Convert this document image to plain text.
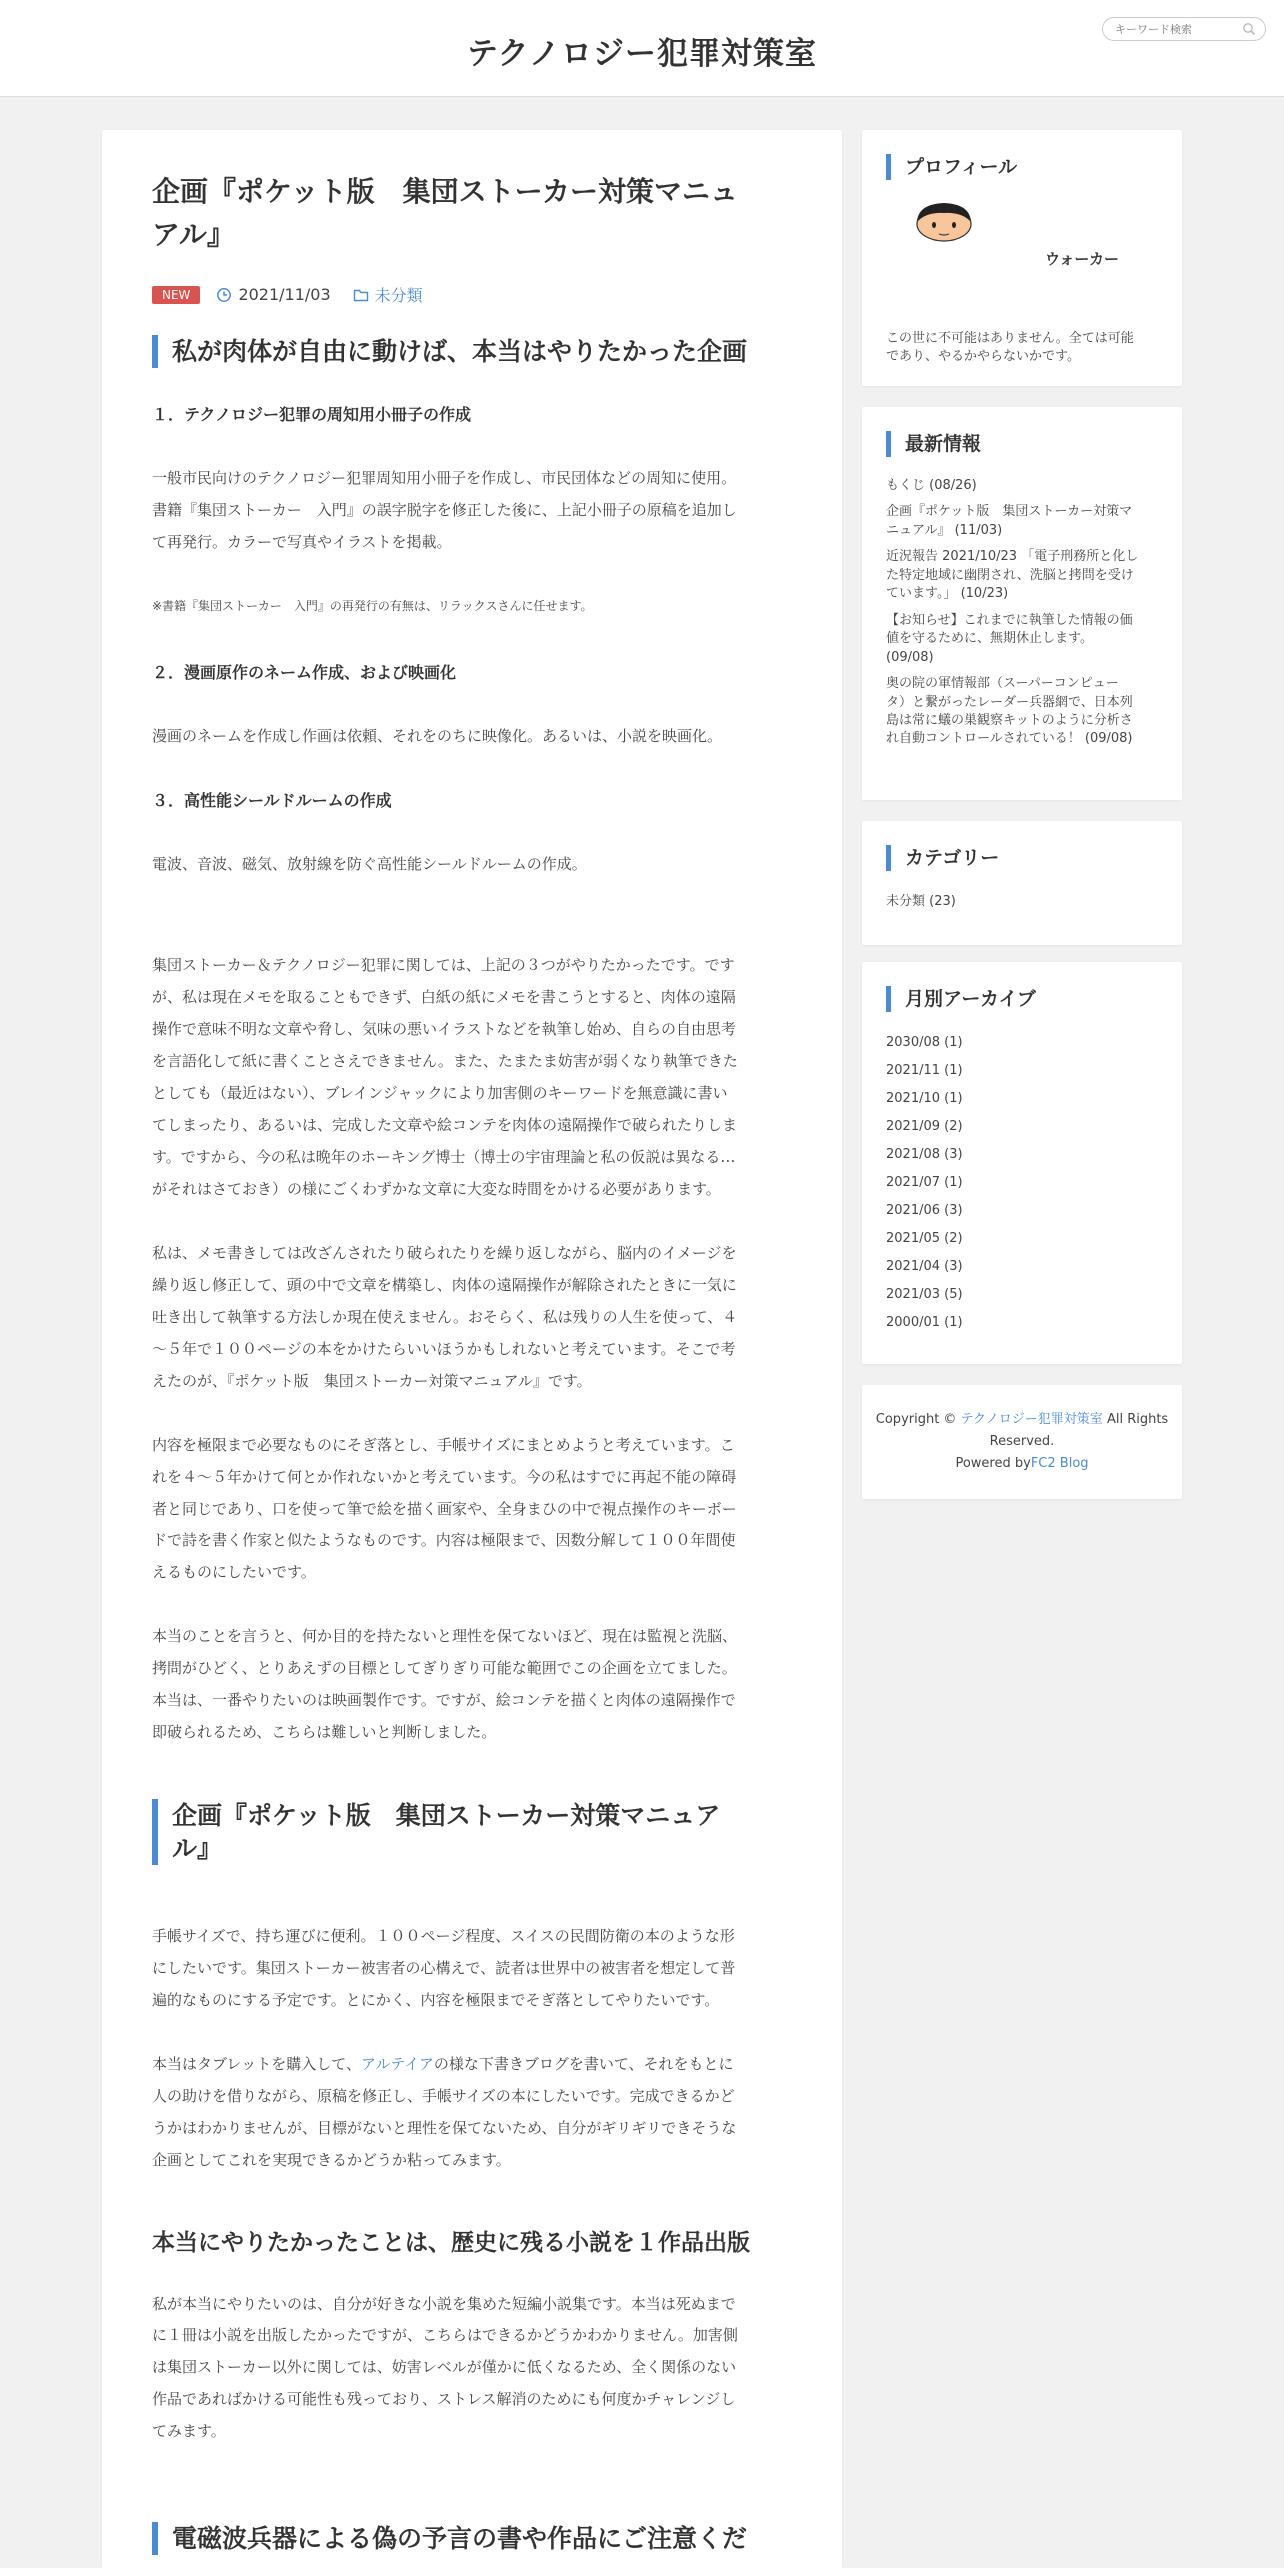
テクノロジー犯罪対策室
キーワード検索
企画『ポケット版　集団ストーカー対策マニュ
アル』
NEW	2021/11/03	未分類
私が肉体が自由に動けば、本当はやりたかった企画
１．テクノロジー犯罪の周知用小冊子の作成
一般市民向けのテクノロジー犯罪周知用小冊子を作成し、市民団体などの周知に使用。
書籍『集団ストーカー　入門』の誤字脱字を修正した後に、上記小冊子の原稿を追加し
て再発行。カラーで写真やイラストを掲載。
※書籍『集団ストーカー　入門』の再発行の有無は、リラックスさんに任せます。
２．漫画原作のネーム作成、および映画化
漫画のネームを作成し作画は依頼、それをのちに映像化。あるいは、小説を映画化。
３．高性能シールドルームの作成
電波、音波、磁気、放射線を防ぐ高性能シールドルームの作成。
集団ストーカー＆テクノロジー犯罪に関しては、上記の３つがやりたかったです。です
が、私は現在メモを取ることもできず、白紙の紙にメモを書こうとすると、肉体の遠隔
操作で意味不明な文章や脅し、気味の悪いイラストなどを執筆し始め、自らの自由思考
を言語化して紙に書くことさえできません。また、たまたま妨害が弱くなり執筆できた
としても（最近はない）、ブレインジャックにより加害側のキーワードを無意識に書い
てしまったり、あるいは、完成した文章や絵コンテを肉体の遠隔操作で破られたりしま
す。ですから、今の私は晩年のホーキング博士（博士の宇宙理論と私の仮説は異なる…
がそれはさておき）の様にごくわずかな文章に大変な時間をかける必要があります。
私は、メモ書きしては改ざんされたり破られたりを繰り返しながら、脳内のイメージを
繰り返し修正して、頭の中で文章を構築し、肉体の遠隔操作が解除されたときに一気に
吐き出して執筆する方法しか現在使えません。おそらく、私は残りの人生を使って、４
～５年で１００ページの本をかけたらいいほうかもしれないと考えています。そこで考
えたのが、『ポケット版　集団ストーカー対策マニュアル』です。
内容を極限まで必要なものにそぎ落とし、手帳サイズにまとめようと考えています。こ
れを４～５年かけて何とか作れないかと考えています。今の私はすでに再起不能の障碍
者と同じであり、口を使って筆で絵を描く画家や、全身まひの中で視点操作のキーボー
ドで詩を書く作家と似たようなものです。内容は極限まで、因数分解して１００年間使
えるものにしたいです。
本当のことを言うと、何か目的を持たないと理性を保てないほど、現在は監視と洗脳、
拷問がひどく、とりあえずの目標としてぎりぎり可能な範囲でこの企画を立てました。
本当は、一番やりたいのは映画製作です。ですが、絵コンテを描くと肉体の遠隔操作で
即破られるため、こちらは難しいと判断しました。
企画『ポケット版　集団ストーカー対策マニュア
ル』
手帳サイズで、持ち運びに便利。１００ページ程度、スイスの民間防衛の本のような形
にしたいです。集団ストーカー被害者の心構えで、読者は世界中の被害者を想定して普
遍的なものにする予定です。とにかく、内容を極限までそぎ落としてやりたいです。
本当はタブレットを購入して、アルテイアの様な下書きブログを書いて、それをもとに
人の助けを借りながら、原稿を修正し、手帳サイズの本にしたいです。完成できるかど
うかはわかりませんが、目標がないと理性を保てないため、自分がギリギリできそうな
企画としてこれを実現できるかどうか粘ってみます。
本当にやりたかったことは、歴史に残る小説を１作品出版
私が本当にやりたいのは、自分が好きな小説を集めた短編小説集です。本当は死ぬまで
に１冊は小説を出版したかったですが、こちらはできるかどうかわかりません。加害側
は集団ストーカー以外に関しては、妨害レベルが僅かに低くなるため、全く関係のない
作品であればかける可能性も残っており、ストレス解消のためにも何度かチャレンジし
てみます。
電磁波兵器による偽の予言の書や作品にご注意くだ
プロフィール
ウォーカー
この世に不可能はありません。全ては可能
であり、やるかやらないかです。
最新情報
もくじ (08/26)
企画『ポケット版　集団ストーカー対策マ
ニュアル』 (11/03)
近況報告 2021/10/23 「電子刑務所と化し
た特定地域に幽閉され、洗脳と拷問を受け
ています。」 (10/23)
【お知らせ】これまでに執筆した情報の価
値を守るために、無期休止します。
(09/08)
奥の院の軍情報部（スーパーコンピュー
タ）と繋がったレーダー兵器網で、日本列
島は常に蟻の巣観察キットのように分析さ
れ自動コントロールされている！ (09/08)
カテゴリー
未分類 (23)
月別アーカイブ
2030/08 (1)
2021/11 (1)
2021/10 (1)
2021/09 (2)
2021/08 (3)
2021/07 (1)
2021/06 (3)
2021/05 (2)
2021/04 (3)
2021/03 (5)
2000/01 (1)
Copyright © テクノロジー犯罪対策室 All Rights
Reserved.
Powered byFC2 Blog
